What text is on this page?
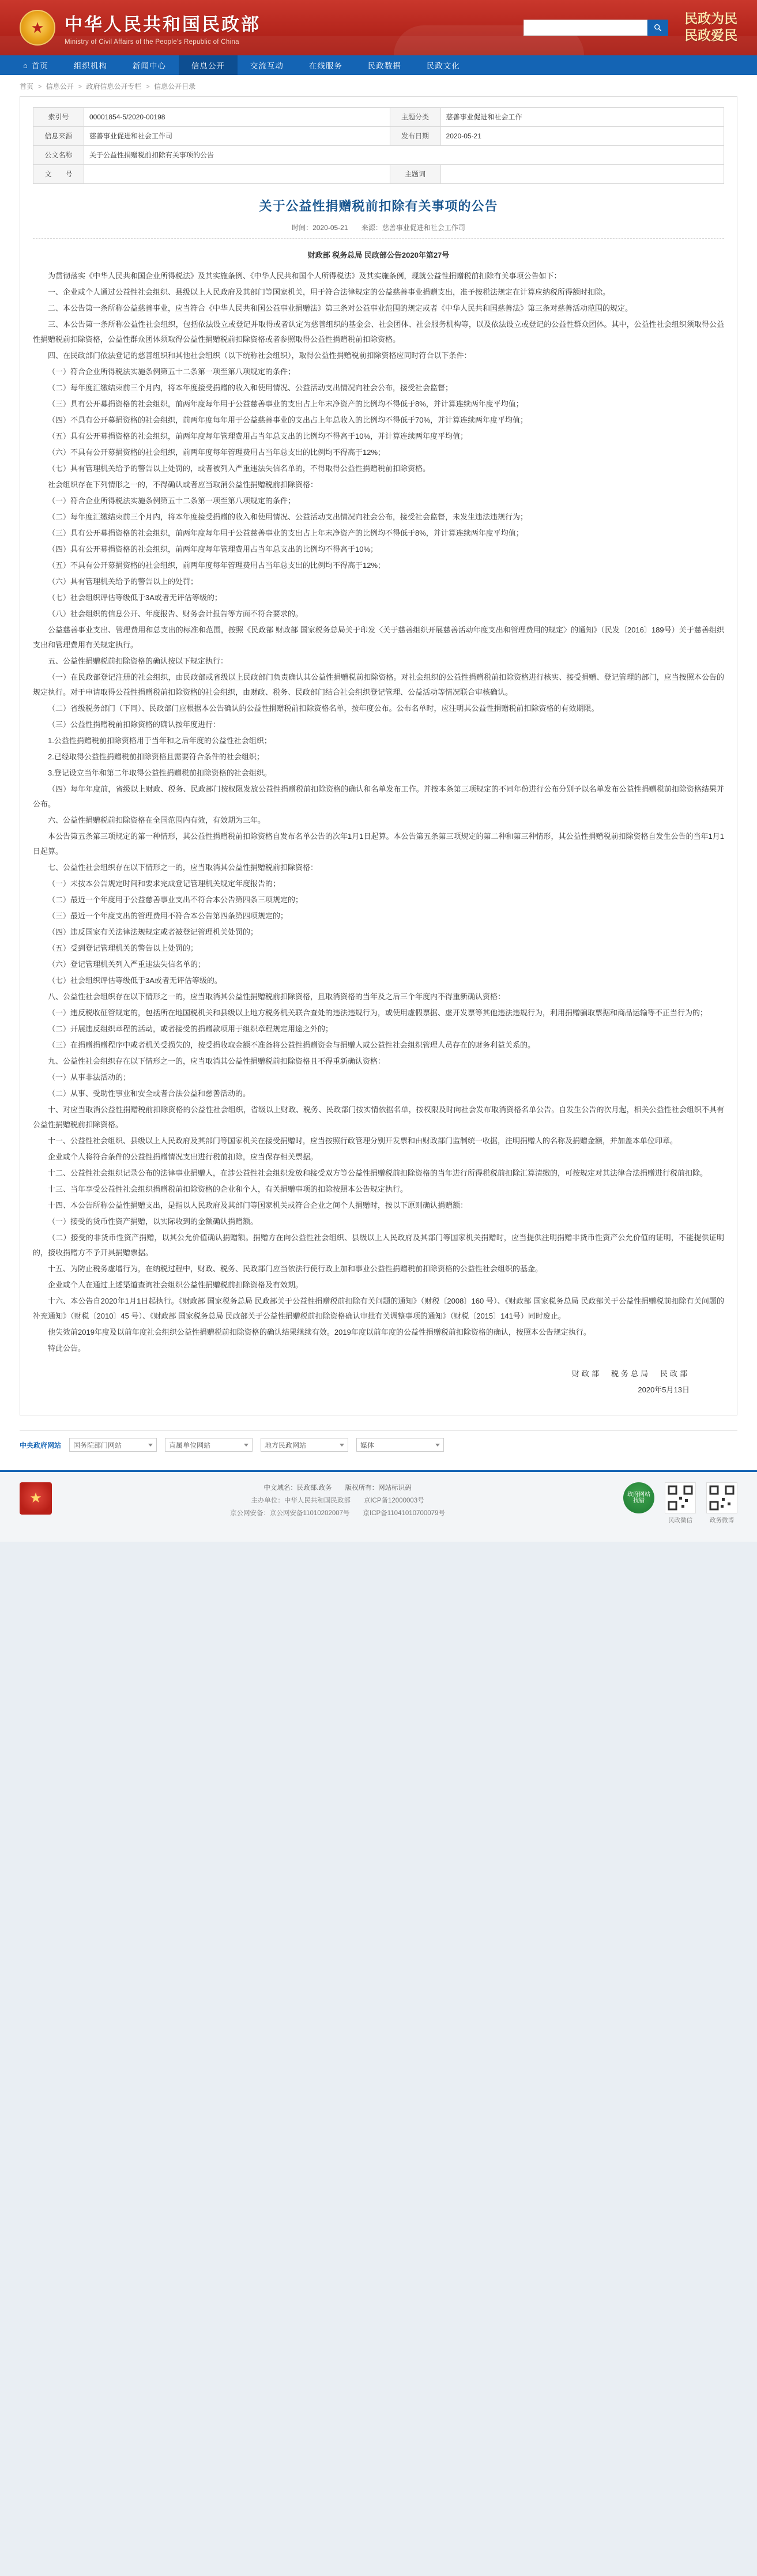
★ 中华人民共和国民政部
Ministry of Civil Affairs of the People's Republic of China
民政为民
民政爱民
⌂ 首页	组织机构	新闻中心	信息公开	交流互动	在线服务	民政数据	民政文化
首页 > 信息公开 > 政府信息公开专栏 > 信息公开目录
索引号	00001854-5/2020-00198	主题分类	慈善事业促进和社会工作
信息来源	慈善事业促进和社会工作司	发布日期	2020-05-21
公文名称	关于公益性捐赠税前扣除有关事项的公告		
文　　号		主题词	
关于公益性捐赠税前扣除有关事项的公告
时间：2020-05-21 来源：慈善事业促进和社会工作司

财政部 税务总局 民政部公告2020年第27号

为贯彻落实《中华人民共和国企业所得税法》及其实施条例、《中华人民共和国个人所得税法》及其实施条例，现就公益性捐赠税前扣除有关事项公告如下：

一、企业或个人通过公益性社会组织、县级以上人民政府及其部门等国家机关，用于符合法律规定的公益慈善事业捐赠支出，准予按税法规定在计算应纳税所得额时扣除。

二、本公告第一条所称公益慈善事业，应当符合《中华人民共和国公益事业捐赠法》第三条对公益事业范围的规定或者《中华人民共和国慈善法》第三条对慈善活动范围的规定。

三、本公告第一条所称公益性社会组织，包括依法设立或登记并取得或者认定为慈善组织的基金会、社会团体、社会服务机构等，以及依法设立或登记的公益性群众团体。其中，公益性社会组织须取得公益性捐赠税前扣除资格，公益性群众团体须取得公益性捐赠税前扣除资格或者参照取得公益性捐赠税前扣除资格。

四、在民政部门依法登记的慈善组织和其他社会组织（以下统称社会组织），取得公益性捐赠税前扣除资格应同时符合以下条件：

（一）符合企业所得税法实施条例第五十二条第一项至第八项规定的条件；

（二）每年度汇缴结束前三个月内，将本年度接受捐赠的收入和使用情况、公益活动支出情况向社会公布，接受社会监督；

（三）具有公开募捐资格的社会组织，前两年度每年用于公益慈善事业的支出占上年末净资产的比例均不得低于8%，并计算连续两年度平均值；

（四）不具有公开募捐资格的社会组织，前两年度每年用于公益慈善事业的支出占上年总收入的比例均不得低于70%，并计算连续两年度平均值；

（五）具有公开募捐资格的社会组织，前两年度每年管理费用占当年总支出的比例均不得高于10%，并计算连续两年度平均值；

（六）不具有公开募捐资格的社会组织，前两年度每年管理费用占当年总支出的比例均不得高于12%；

（七）具有管理机关给予的警告以上处罚的，或者被列入严重违法失信名单的，不得取得公益性捐赠税前扣除资格。

社会组织存在下列情形之一的，不得确认或者应当取消公益性捐赠税前扣除资格：

（一）符合企业所得税法实施条例第五十二条第一项至第八项规定的条件；

（二）每年度汇缴结束前三个月内，将本年度接受捐赠的收入和使用情况、公益活动支出情况向社会公布，接受社会监督，未发生违法违规行为；

（三）具有公开募捐资格的社会组织，前两年度每年用于公益慈善事业的支出占上年末净资产的比例均不得低于8%，并计算连续两年度平均值；

（四）具有公开募捐资格的社会组织，前两年度每年管理费用占当年总支出的比例均不得高于10%；

（五）不具有公开募捐资格的社会组织，前两年度每年管理费用占当年总支出的比例均不得高于12%；

（六）具有管理机关给予的警告以上的处罚；

（七）社会组织评估等级低于3A或者无评估等级的；

（八）社会组织的信息公开、年度报告、财务会计报告等方面不符合要求的。

公益慈善事业支出、管理费用和总支出的标准和范围，按照《民政部 财政部 国家税务总局关于印发〈关于慈善组织开展慈善活动年度支出和管理费用的规定〉的通知》（民发〔2016〕189号）关于慈善组织支出和管理费用有关规定执行。

五、公益性捐赠税前扣除资格的确认按以下规定执行：

（一）在民政部登记注册的社会组织，由民政部或省级以上民政部门负责确认其公益性捐赠税前扣除资格。对社会组织的公益性捐赠税前扣除资格进行核实、接受捐赠、登记管理的部门，应当按照本公告的规定执行。对于申请取得公益性捐赠税前扣除资格的社会组织，由财政、税务、民政部门结合社会组织登记管理、公益活动等情况联合审核确认。

（二）省级税务部门（下同）、民政部门应根据本公告确认的公益性捐赠税前扣除资格名单，按年度公布。公布名单时，应注明其公益性捐赠税前扣除资格的有效期限。

（三）公益性捐赠税前扣除资格的确认按年度进行：

1.公益性捐赠税前扣除资格用于当年和之后年度的公益性社会组织；

2.已经取得公益性捐赠税前扣除资格且需要符合条件的社会组织；

3.登记设立当年和第二年取得公益性捐赠税前扣除资格的社会组织。

（四）每年年度前，省级以上财政、税务、民政部门按权限发放公益性捐赠税前扣除资格的确认和名单发布工作。并按本条第三项规定的不同年份进行公布分别予以名单发布公益性捐赠税前扣除资格结果并公布。

六、公益性捐赠税前扣除资格在全国范围内有效，有效期为三年。

本公告第五条第三项规定的第一种情形，其公益性捐赠税前扣除资格自发布名单公告的次年1月1日起算。本公告第五条第三项规定的第二种和第三种情形，其公益性捐赠税前扣除资格自发生公告的当年1月1日起算。

七、公益性社会组织存在以下情形之一的，应当取消其公益性捐赠税前扣除资格：

（一）未按本公告规定时间和要求完成登记管理机关规定年度报告的；

（二）最近一个年度用于公益慈善事业支出不符合本公告第四条三项规定的；

（三）最近一个年度支出的管理费用不符合本公告第四条第四项规定的；

（四）违反国家有关法律法规规定或者被登记管理机关处罚的；

（五）受到登记管理机关的警告以上处罚的；

（六）登记管理机关列入严重违法失信名单的；

（七）社会组织评估等级低于3A或者无评估等级的。

八、公益性社会组织存在以下情形之一的，应当取消其公益性捐赠税前扣除资格，且取消资格的当年及之后三个年度内不得重新确认资格：

（一）违反税收征管规定的，包括所在地国税机关和县级以上地方税务机关联合查处的违法违规行为，或使用虚假票据、虚开发票等其他违法违规行为，利用捐赠骗取票据和商品运输等不正当行为的；

（二）开展违反组织章程的活动，或者接受的捐赠款项用于组织章程规定用途之外的；

（三）在捐赠捐赠程序中或者机关受损失的，按受捐收取金额不准备将公益性捐赠资金与捐赠人或公益性社会组织管理人员存在的财务利益关系的。

九、公益性社会组织存在以下情形之一的，应当取消其公益性捐赠税前扣除资格且不得重新确认资格：

（一）从事非法活动的；

（二）从事、受助性事业和安全或者合法公益和慈善活动的。

十、对应当取消公益性捐赠税前扣除资格的公益性社会组织，省级以上财政、税务、民政部门按实情依据名单，按权限及时向社会发布取消资格名单公告。自发生公告的次月起，相关公益性社会组织不具有公益性捐赠税前扣除资格。

十一、公益性社会组织、县级以上人民政府及其部门等国家机关在接受捐赠时，应当按照行政管理分别开发票和由财政部门监制统一收据，注明捐赠人的名称及捐赠金额，并加盖本单位印章。

企业或个人将符合条件的公益性捐赠情况支出进行税前扣除，应当保存相关票据。

十二、公益性社会组织记录公布的法律事业捐赠人，在涉公益性社会组织发放和接受双方等公益性捐赠税前扣除资格的当年进行所得税税前扣除汇算清缴的，可按规定对其法律合法捐赠进行税前扣除。

十三、当年享受公益性社会组织捐赠税前扣除资格的企业和个人，有关捐赠事项的扣除按照本公告规定执行。

十四、本公告所称公益性捐赠支出，是指以人民政府及其部门等国家机关或符合企业之间个人捐赠时，按以下原则确认捐赠额：

（一）接受的货币性资产捐赠，以实际收到的金额确认捐赠额。

（二）接受的非货币性资产捐赠，以其公允价值确认捐赠额。捐赠方在向公益性社会组织、县级以上人民政府及其部门等国家机关捐赠时，应当提供注明捐赠非货币性资产公允价值的证明，不能提供证明的，接收捐赠方不予开具捐赠票据。

十五、为防止税务虚增行为，在纳税过程中，财政、税务、民政部门应当依法行使行政上加和事业公益性捐赠税前扣除资格的公益性社会组织的基金。

企业或个人在通过上述渠道查询社会组织公益性捐赠税前扣除资格及有效期。

十六、本公告自2020年1月1日起执行。《财政部 国家税务总局 民政部关于公益性捐赠税前扣除有关问题的通知》（财税〔2008〕160 号）、《财政部 国家税务总局 民政部关于公益性捐赠税前扣除有关问题的补充通知》（财税〔2010〕45 号）、《财政部 国家税务总局 民政部关于公益性捐赠税前扣除资格确认审批有关调整事项的通知》（财税〔2015〕141号）同时废止。

他失效前2019年度及以前年度社会组织公益性捐赠税前扣除资格的确认结果继续有效。2019年度以前年度的公益性捐赠税前扣除资格的确认，按照本公告规定执行。

特此公告。

财政部　税务总局　民政部
2020年5月13日
中央政府网站 国务院部门网站	直属单位网站	地方民政网站	媒体
★
中文域名：民政部.政务　　版权所有：网站标识码
主办单位：中华人民共和国民政部　　京ICP备12000003号
京公网安备：京公网安备11010202007号　　京ICP备11041010700079号
政府网站
找错
民政微信	政务微博
